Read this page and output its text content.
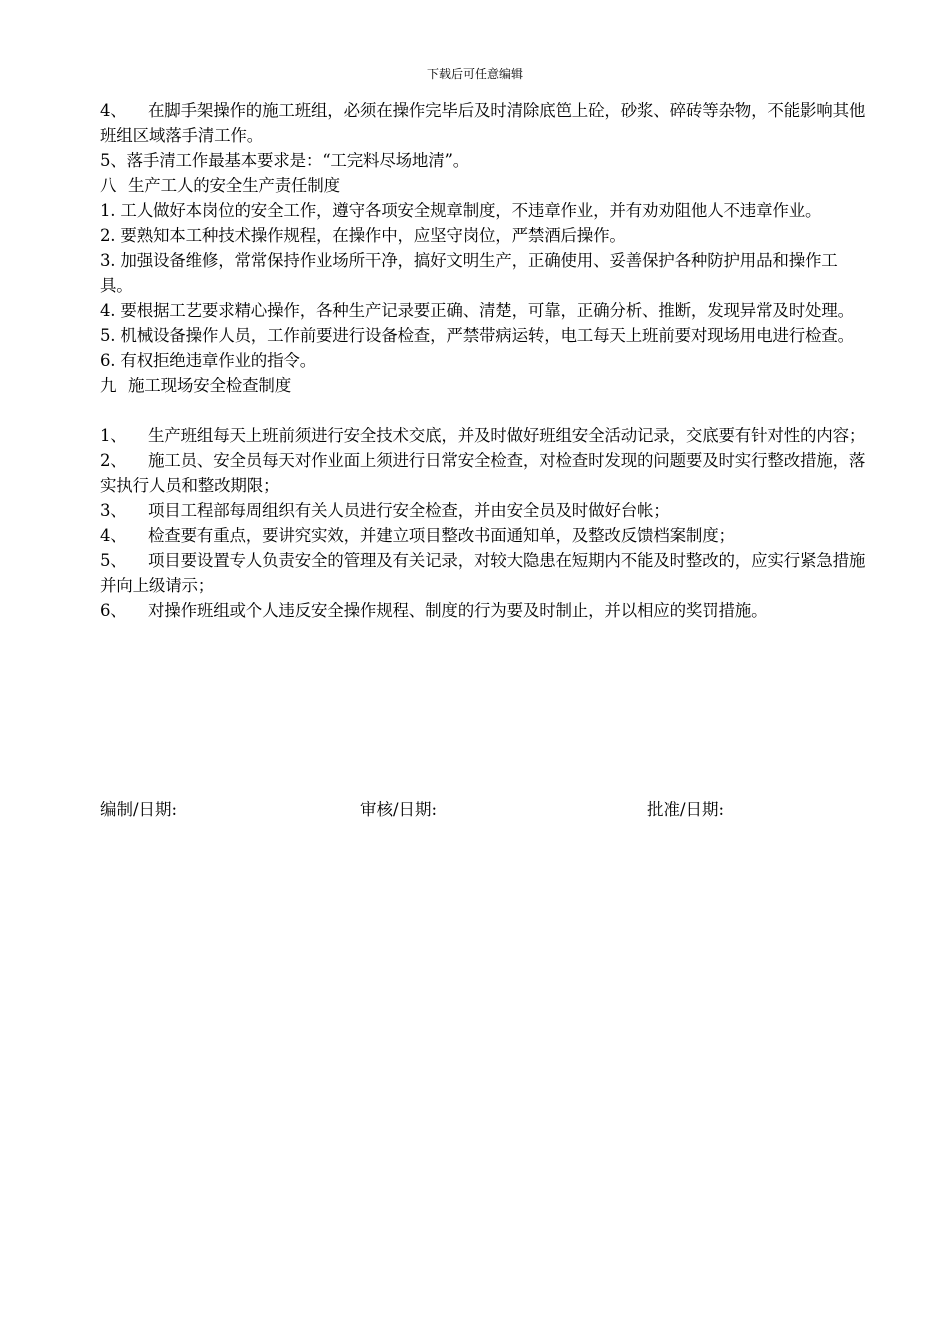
下载后可任意编辑

4、 在脚手架操作的施工班组，必须在操作完毕后及时清除底笆上砼，砂浆、碎砖等杂物，不能影响其他班组区域落手清工作。

5、落手清工作最基本要求是：“工完料尽场地清”。

八 生产工人的安全生产责任制度

1. 工人做好本岗位的安全工作，遵守各项安全规章制度，不违章作业，并有劝劝阻他人不违章作业。

2. 要熟知本工种技术操作规程，在操作中，应坚守岗位，严禁酒后操作。

3. 加强设备维修，常常保持作业场所干净，搞好文明生产，正确使用、妥善保护各种防护用品和操作工具。

4. 要根据工艺要求精心操作，各种生产记录要正确、清楚，可靠，正确分析、推断，发现异常及时处理。

5. 机械设备操作人员，工作前要进行设备检查，严禁带病运转，电工每天上班前要对现场用电进行检查。

6. 有权拒绝违章作业的指令。

九 施工现场安全检查制度

1、 生产班组每天上班前须进行安全技术交底，并及时做好班组安全活动记录，交底要有针对性的内容；

2、 施工员、安全员每天对作业面上须进行日常安全检查，对检查时发现的问题要及时实行整改措施，落实执行人员和整改期限；

3、 项目工程部每周组织有关人员进行安全检查，并由安全员及时做好台帐；

4、 检查要有重点，要讲究实效，并建立项目整改书面通知单，及整改反馈档案制度；

5、 项目要设置专人负责安全的管理及有关记录，对较大隐患在短期内不能及时整改的，应实行紧急措施并向上级请示；

6、 对操作班组或个人违反安全操作规程、制度的行为要及时制止，并以相应的奖罚措施。

编制/日期:	审核/日期:	批准/日期:
